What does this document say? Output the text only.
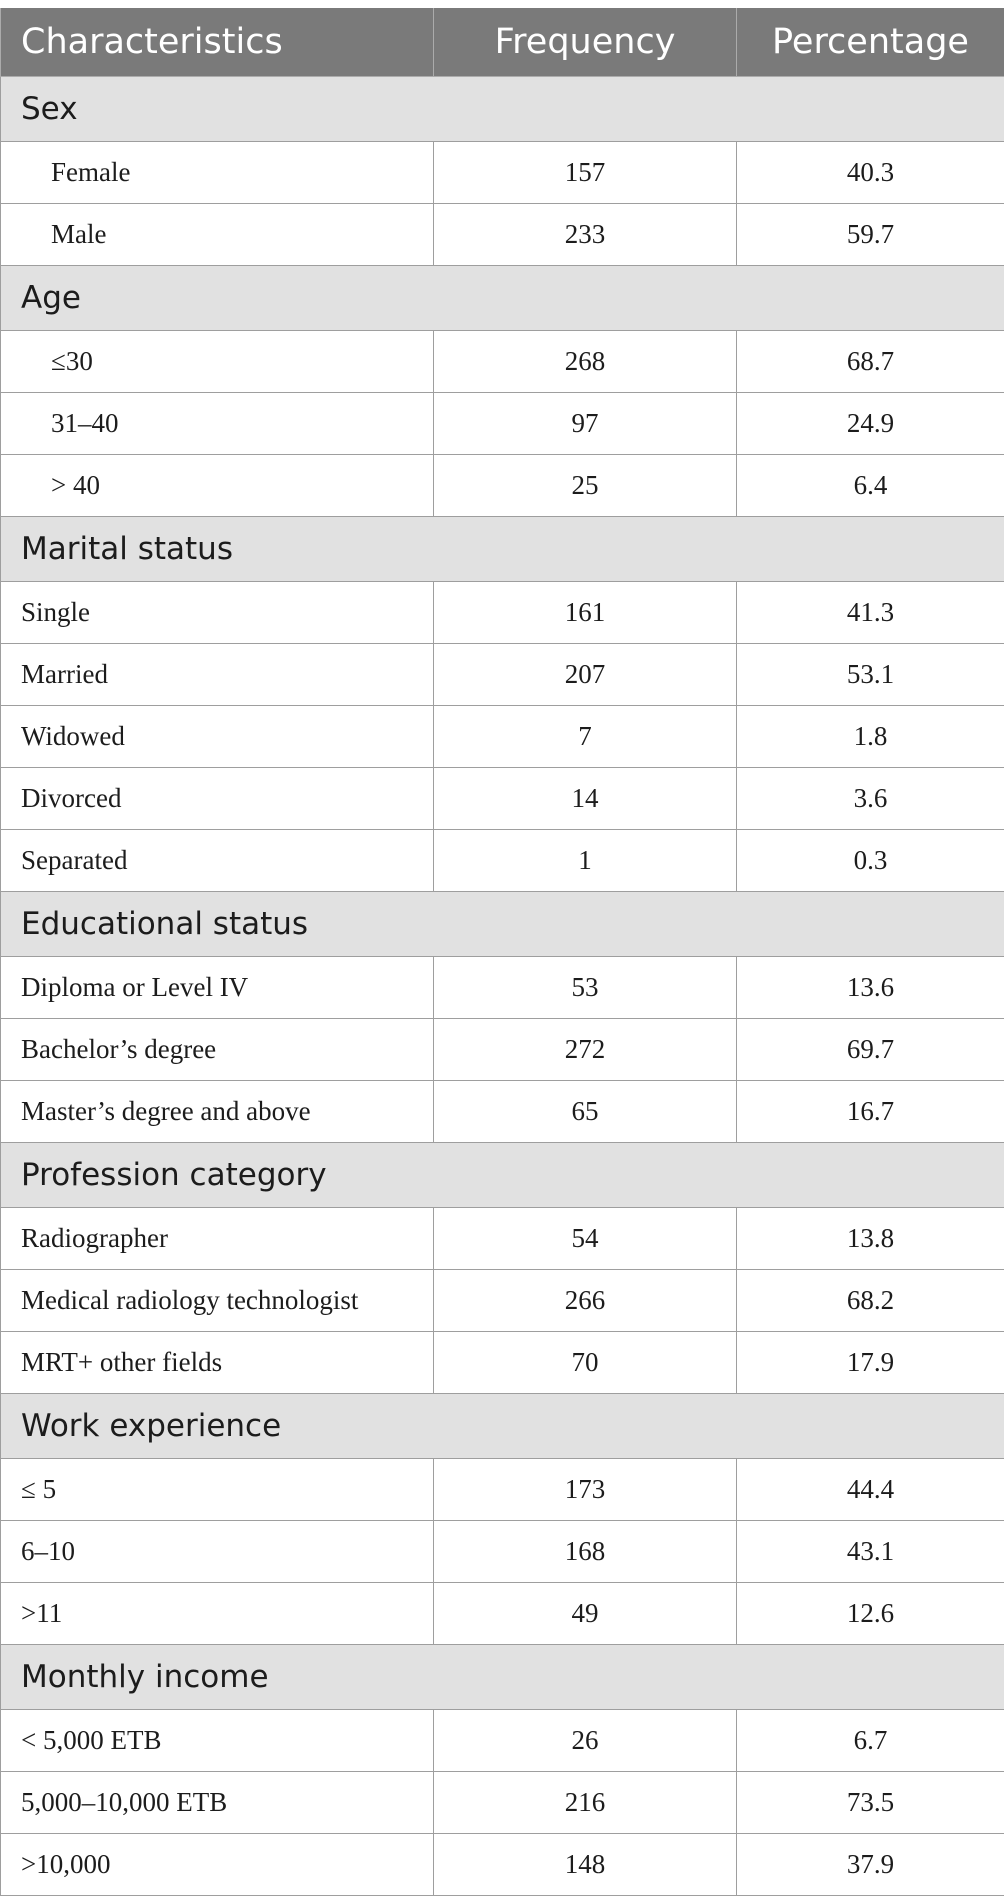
Characteristics	Frequency	Percentage
Sex		
Female	157	40.3
Male	233	59.7
Age		
≤30	268	68.7
31–40	97	24.9
> 40	25	6.4
Marital status		
Single	161	41.3
Married	207	53.1
Widowed	7	1.8
Divorced	14	3.6
Separated	1	0.3
Educational status		
Diploma or Level IV	53	13.6
Bachelor’s degree	272	69.7
Master’s degree and above	65	16.7
Profession category		
Radiographer	54	13.8
Medical radiology technologist	266	68.2
MRT+ other fields	70	17.9
Work experience		
≤ 5	173	44.4
6–10	168	43.1
>11	49	12.6
Monthly income		
< 5,000 ETB	26	6.7
5,000–10,000 ETB	216	73.5
>10,000	148	37.9
